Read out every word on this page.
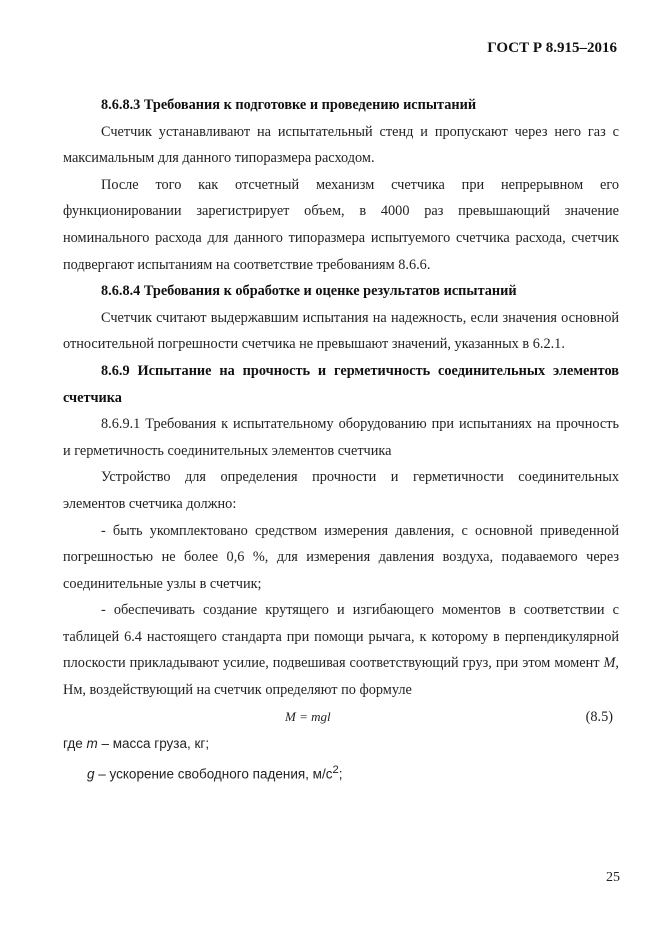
ГОСТ Р 8.915–2016

8.6.8.3 Требования к подготовке и проведению испытаний

Счетчик устанавливают на испытательный стенд и пропускают через него газ с максимальным для данного типоразмера расходом.

После того как отсчетный механизм счетчика при непрерывном его функционировании зарегистрирует объем, в 4000 раз превышающий значение номинального расхода для данного типоразмера испытуемого счетчика расхода, счетчик подвергают испытаниям на соответствие требованиям 8.6.6.

8.6.8.4 Требования к обработке и оценке результатов испытаний

Счетчик считают выдержавшим испытания на надежность, если значения основной относительной погрешности счетчика не превышают значений, указанных в 6.2.1.

8.6.9 Испытание на прочность и герметичность соединительных элементов счетчика

8.6.9.1 Требования к испытательному оборудованию при испытаниях на прочность и герметичность соединительных элементов счетчика

Устройство для определения прочности и герметичности соединительных элементов счетчика должно:

- быть укомплектовано средством измерения давления, с основной приведенной погрешностью не более 0,6 %, для измерения давления воздуха, подаваемого через соединительные узлы в счетчик;

- обеспечивать создание крутящего и изгибающего моментов в соответствии с таблицей 6.4 настоящего стандарта при помощи рычага, к которому в перпендикулярной плоскости прикладывают усилие, подвешивая соответствующий груз, при этом момент М, Нм, воздействующий на счетчик определяют по формуле

M = mgl	(8.5)

где m – масса груза, кг;

g – ускорение свободного падения, $м/с^2$;

25
